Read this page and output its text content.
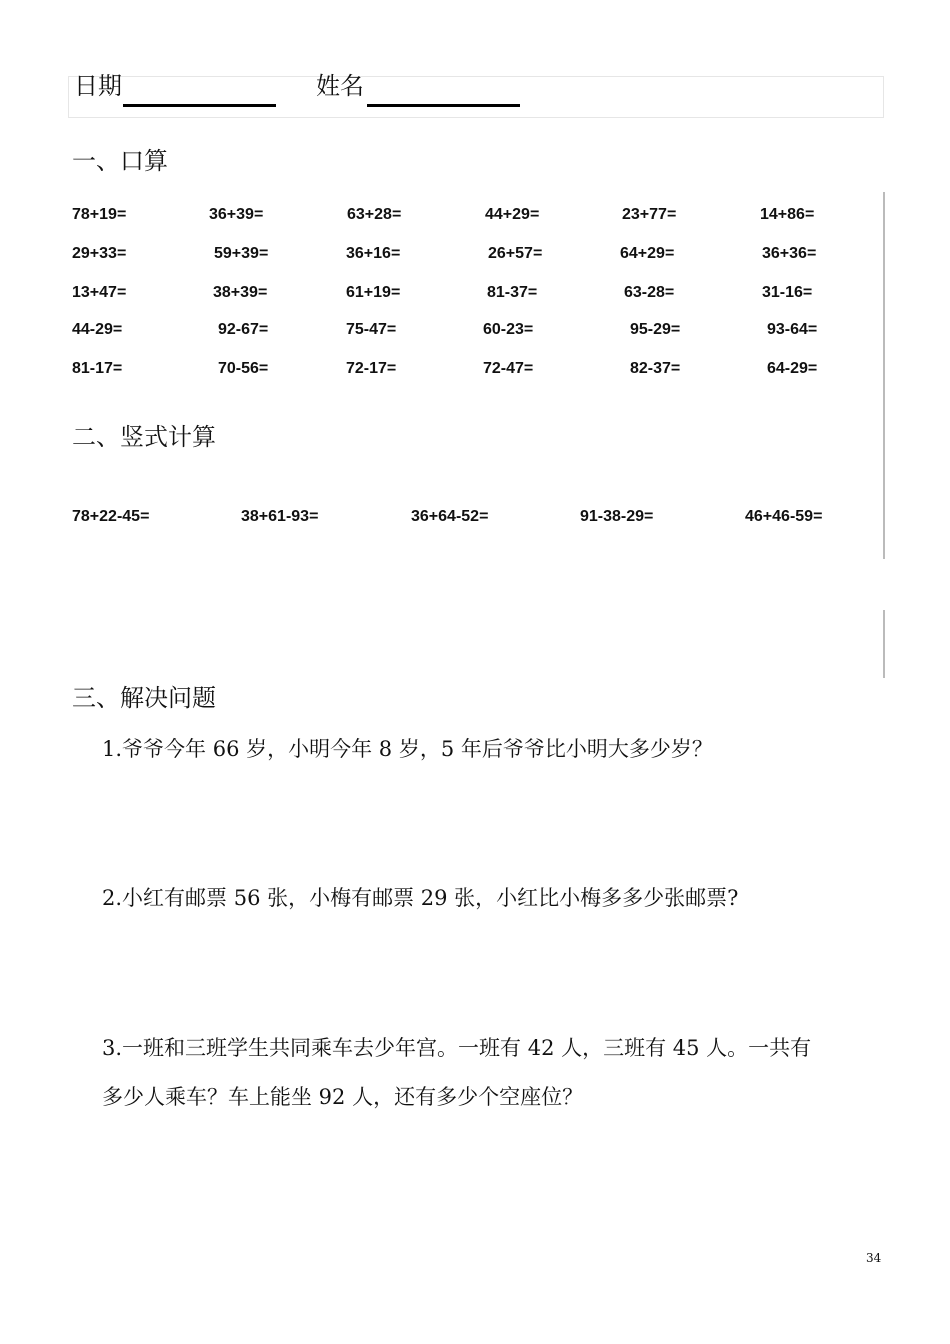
日期	姓名
一、口算
78+19=	36+39=	63+28=	44+29=	23+77=	14+86=
29+33=	59+39=	36+16=	26+57=	64+29=	36+36=
13+47=	38+39=	61+19=	81-37=	63-28=	31-16=
44-29=	92-67=	75-47=	60-23=	95-29=	93-64=
81-17=	70-56=	72-17=	72-47=	82-37=	64-29=
二、竖式计算
78+22-45=	38+61-93=	36+64-52=	91-38-29=	46+46-59=
三、解决问题
1.爷爷今年 66 岁，小明今年 8 岁，5 年后爷爷比小明大多少岁？
2.小红有邮票 56 张，小梅有邮票 29 张，小红比小梅多多少张邮票?
3.一班和三班学生共同乘车去少年宫。一班有 42 人，三班有 45 人。一共有
多少人乘车？车上能坐 92 人，还有多少个空座位？
34
